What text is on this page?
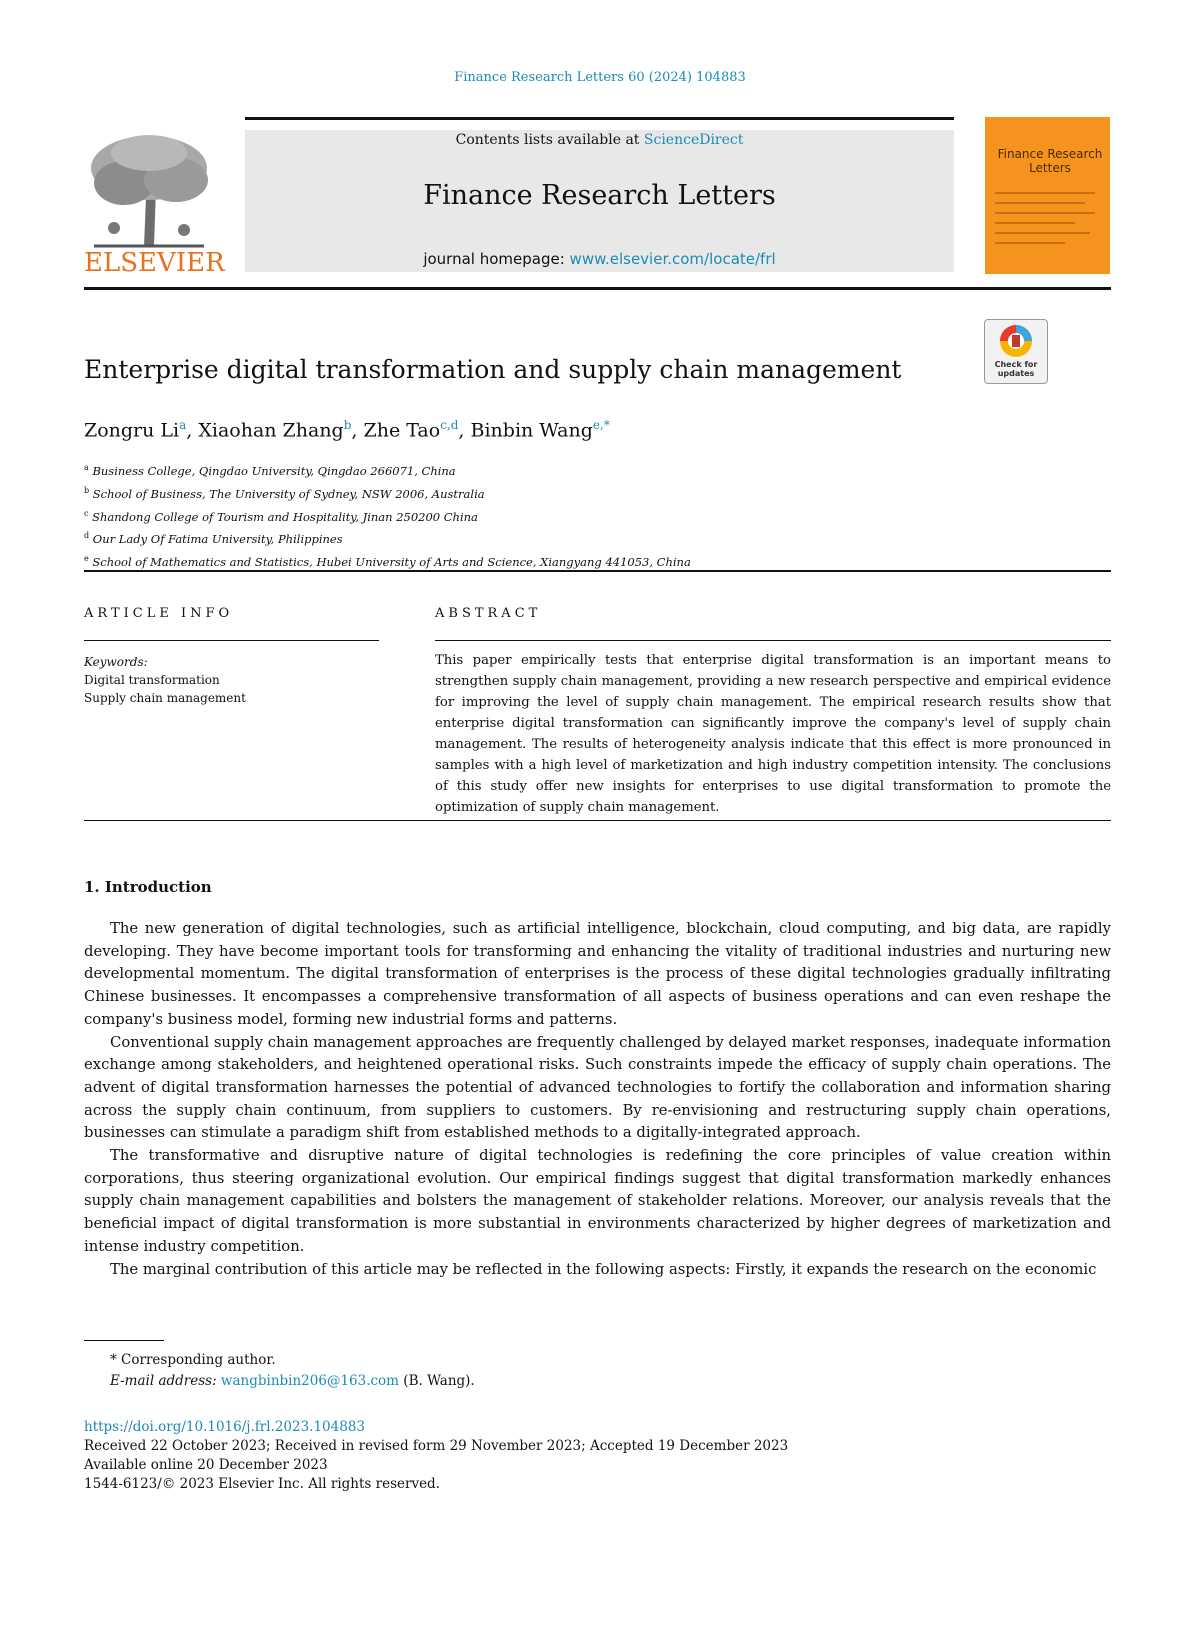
Finance Research Letters 60 (2024) 104883
ELSEVIER
Contents lists available at ScienceDirect
Finance Research Letters
journal homepage: www.elsevier.com/locate/frl
Finance Research
Letters
Check for
updates
Enterprise digital transformation and supply chain management
Zongru Li$^a$, Xiaohan Zhang$^b$, Zhe Tao$^{c,d}$, Binbin Wang$^{e,*}$
$^a$ Business College, Qingdao University, Qingdao 266071, China
$^b$ School of Business, The University of Sydney, NSW 2006, Australia
$^c$ Shandong College of Tourism and Hospitality, Jinan 250200 China
$^d$ Our Lady Of Fatima University, Philippines
$^e$ School of Mathematics and Statistics, Hubei University of Arts and Science, Xiangyang 441053, China
ARTICLE INFO	ABSTRACT
Keywords:
Digital transformation
Supply chain management
This paper empirically tests that enterprise digital transformation is an important means to strengthen supply chain management, providing a new research perspective and empirical evidence for improving the level of supply chain management. The empirical research results show that enterprise digital transformation can significantly improve the company's level of supply chain management. The results of heterogeneity analysis indicate that this effect is more pronounced in samples with a high level of marketization and high industry competition intensity. The conclusions of this study offer new insights for enterprises to use digital transformation to promote the optimization of supply chain management.
1. Introduction

The new generation of digital technologies, such as artificial intelligence, blockchain, cloud computing, and big data, are rapidly developing. They have become important tools for transforming and enhancing the vitality of traditional industries and nurturing new developmental momentum. The digital transformation of enterprises is the process of these digital technologies gradually infiltrating Chinese businesses. It encompasses a comprehensive transformation of all aspects of business operations and can even reshape the company's business model, forming new industrial forms and patterns.

Conventional supply chain management approaches are frequently challenged by delayed market responses, inadequate information exchange among stakeholders, and heightened operational risks. Such constraints impede the efficacy of supply chain operations. The advent of digital transformation harnesses the potential of advanced technologies to fortify the collaboration and information sharing across the supply chain continuum, from suppliers to customers. By re-envisioning and restructuring supply chain operations, businesses can stimulate a paradigm shift from established methods to a digitally-integrated approach.

The transformative and disruptive nature of digital technologies is redefining the core principles of value creation within corporations, thus steering organizational evolution. Our empirical findings suggest that digital transformation markedly enhances supply chain management capabilities and bolsters the management of stakeholder relations. Moreover, our analysis reveals that the beneficial impact of digital transformation is more substantial in environments characterized by higher degrees of marketization and intense industry competition.

The marginal contribution of this article may be reflected in the following aspects: Firstly, it expands the research on the economic

* Corresponding author.
E-mail address: wangbinbin206@163.com (B. Wang).
https://doi.org/10.1016/j.frl.2023.104883
Received 22 October 2023; Received in revised form 29 November 2023; Accepted 19 December 2023
Available online 20 December 2023
1544-6123/© 2023 Elsevier Inc. All rights reserved.
